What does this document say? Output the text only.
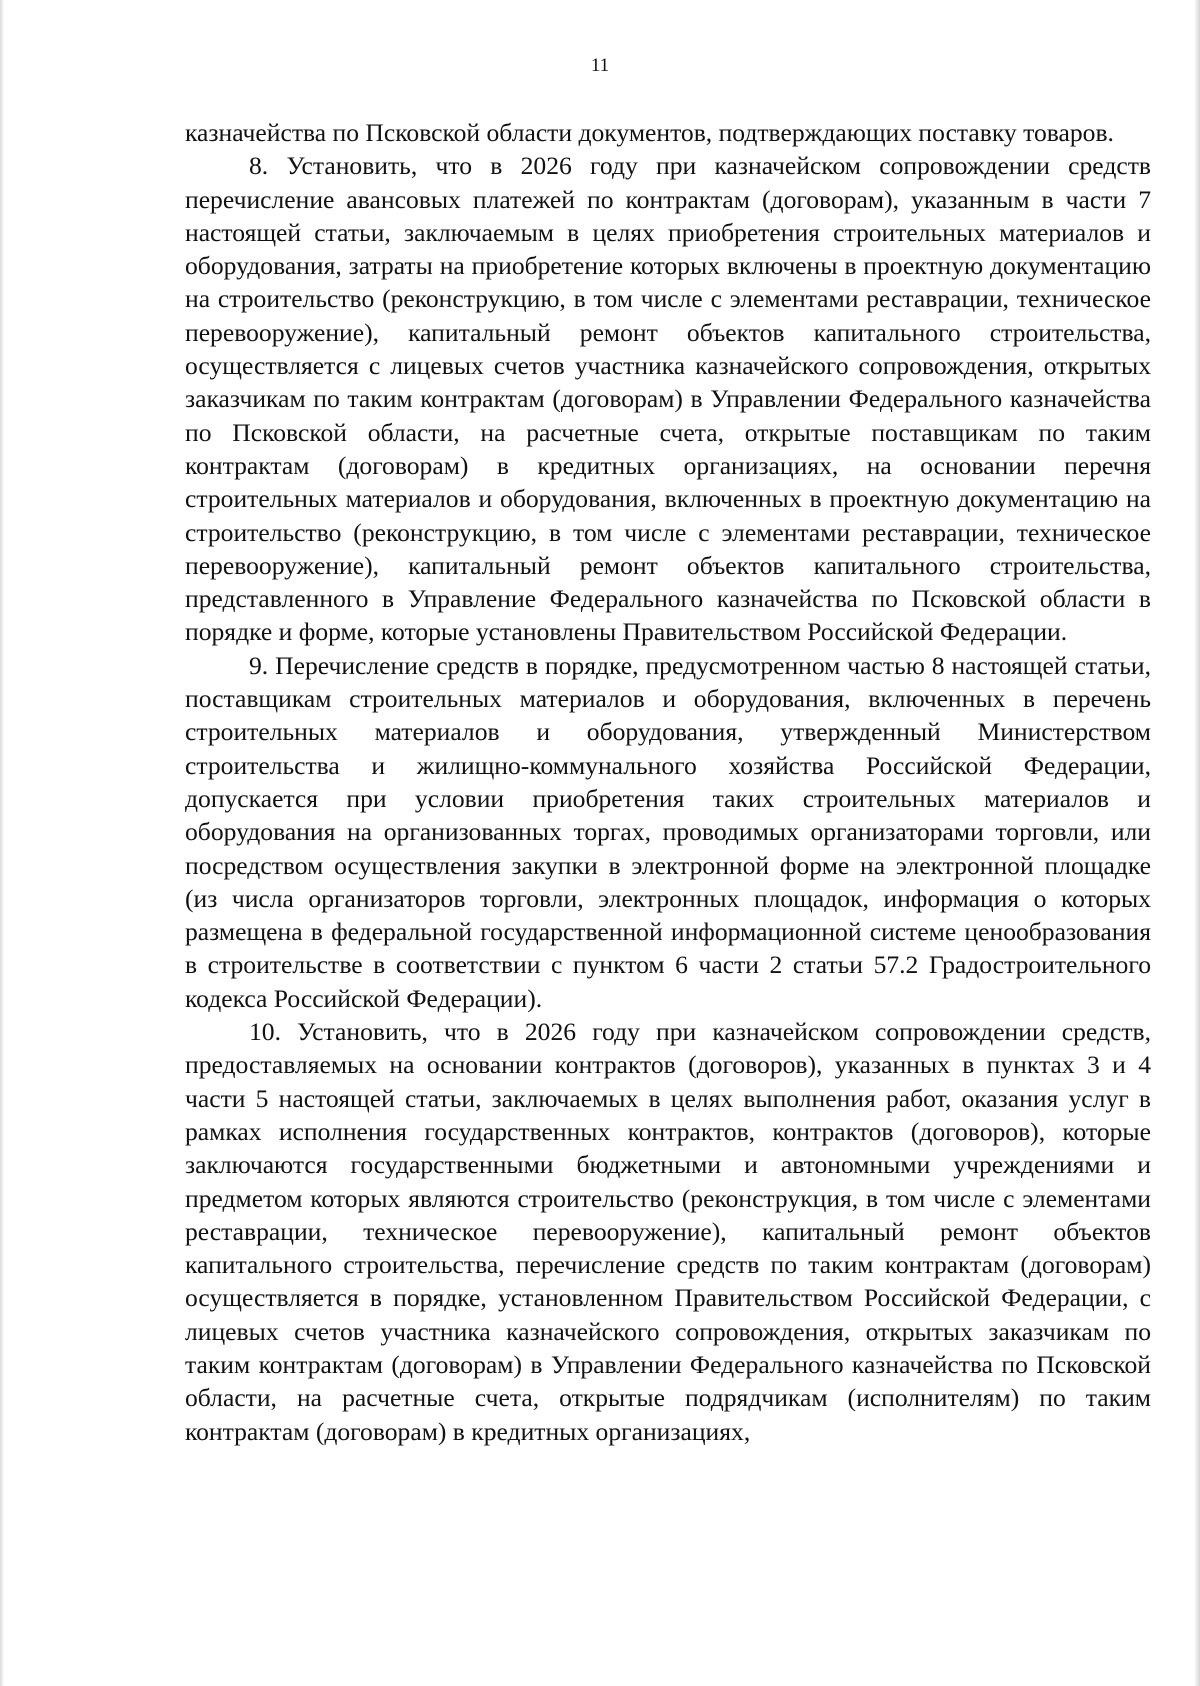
11

казначейства по Псковской области документов, подтверждающих поставку товаров.

8. Установить, что в 2026 году при казначейском сопровождении средств перечисление авансовых платежей по контрактам (договорам), указанным в части 7 настоящей статьи, заключаемым в целях приобретения строительных материалов и оборудования, затраты на приобретение которых включены в проектную документацию на строительство (реконструкцию, в том числе с элементами реставрации, техническое перевооружение), капитальный ремонт объектов капитального строительства, осуществляется с лицевых счетов участника казначейского сопровождения, открытых заказчикам по таким контрактам (договорам) в Управлении Федерального казначейства по Псковской области, на расчетные счета, открытые поставщикам по таким контрактам (договорам) в кредитных организациях, на основании перечня строительных материалов и оборудования, включенных в проектную документацию на строительство (реконструкцию, в том числе с элементами реставрации, техническое перевооружение), капитальный ремонт объектов капитального строительства, представленного в Управление Федерального казначейства по Псковской области в порядке и форме, которые установлены Правительством Российской Федерации.

9. Перечисление средств в порядке, предусмотренном частью 8 настоящей статьи, поставщикам строительных материалов и оборудования, включенных в перечень строительных материалов и оборудования, утвержденный Министерством строительства и жилищно-коммунального хозяйства Российской Федерации, допускается при условии приобретения таких строительных материалов и оборудования на организованных торгах, проводимых организаторами торговли, или посредством осуществления закупки в электронной форме на электронной площадке (из числа организаторов торговли, электронных площадок, информация о которых размещена в федеральной государственной информационной системе ценообразования в строительстве в соответствии с пунктом 6 части 2 статьи 57.2 Градостроительного кодекса Российской Федерации).

10. Установить, что в 2026 году при казначейском сопровождении средств, предоставляемых на основании контрактов (договоров), указанных в пунктах 3 и 4 части 5 настоящей статьи, заключаемых в целях выполнения работ, оказания услуг в рамках исполнения государственных контрактов, контрактов (договоров), которые заключаются государственными бюджетными и автономными учреждениями и предметом которых являются строительство (реконструкция, в том числе с элементами реставрации, техническое перевооружение), капитальный ремонт объектов капитального строительства, перечисление средств по таким контрактам (договорам) осуществляется в порядке, установленном Правительством Российской Федерации, с лицевых счетов участника казначейского сопровождения, открытых заказчикам по таким контрактам (договорам) в Управлении Федерального казначейства по Псковской области, на расчетные счета, открытые подрядчикам (исполнителям) по таким контрактам (договорам) в кредитных организациях,
